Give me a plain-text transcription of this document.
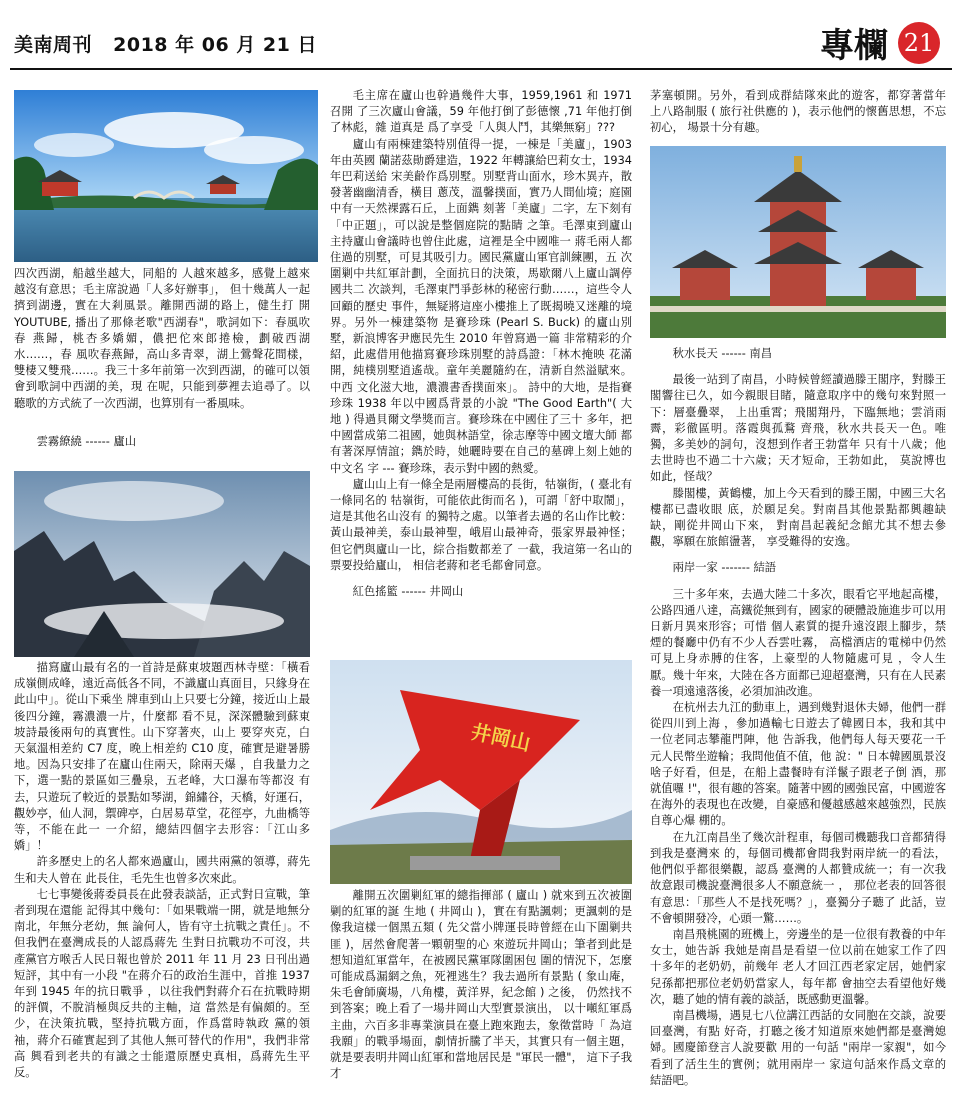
美南周刊 2018 年 06 月 21 日	專欄 21

四次西湖，船越坐越大，同船的 人越來越多，感覺上越來越沒有意思；毛主席說過「人多好辦事」， 但十幾萬人一起擠到湖邊，實在大剎風景。離開西湖的路上，健生打 開 YOUTUBE, 播出了那條老歌"西湖春"，歌詞如下：春風吹春 燕歸，桃杏多嬌媚，儂把佗來郎捲檢，劃破西湖水……，春 風吹春燕歸，高山多青翠，湖上鶯聲花間樣，雙棲又雙飛……。我三十多年前第一次到西湖，的確可以領會到歌詞中西湖的美，現 在呢，只能到夢裡去追尋了。以聽歌的方式統了一次西湖，也算別有一番風味。

雲霧繚繞 ------ 廬山

描寫廬山最有名的一首詩是蘇東坡題西林寺壁：「橫看成嶺側成峰，遠近高低各不同，不識廬山真面目，只緣身在此山中」。從山下乘坐 牌車到山上只要七分鐘，接近山上最後四分鐘，霧濃濃一片，什麼都 看不見，深深體驗到蘇東坡詩最後兩句的真實性。山下穿著夾，山上 要穿夾克，白天氣溫相差約 C7 度，晚上相差約 C10 度，確實是避暑勝地。因為只安排了在廬山住兩天，除兩天爆 ，自我量力之下，選一點的景區如三疊泉，五老峰，大口瀑布等都沒 有去，只遊玩了較近的景點如琴湖，錦繡谷，天橋，好運石，觀妙亭，仙人洞，禦碑亭，白居易草堂，花徑亭，九曲橋等等，不能在此一 一介紹，總結四個字去形容：「江山多嬌」！

許多歷史上的名人都來過廬山，國共兩黨的領導，蔣先生和夫人曾在 此長住，毛先生也曾多次來此。

七七事變後蔣委員長在此發表談話，正式對日宣戰，筆者到現在還能 記得其中幾句：「如果戰端一開，就是地無分南北，年無分老幼，無 論何人，皆有守土抗戰之責任」。不但我們在臺灣成長的人認爲蔣先 生對日抗戰功不可沒，共產黨官方喉舌人民日報也曾於 2011 年 11 月 23 日刊出過短評，其中有一小段 "在蔣介石的政治生涯中，首推 1937 年到 1945 年的抗日戰爭 ，以往我們對蔣介石在抗戰時期的評價，不脫消極與反共的主軸，這 當然是有偏頗的。至少，在決策抗戰，堅持抗戰方面，作爲當時執政 黨的領袖，蔣介石確實起到了其他人無可替代的作用"，我們非常高 興看到老共的有識之士能還原歷史真相，爲蔣先生平反。

毛主席在廬山也幹過幾件大事，1959,1961 和 1971 召開 了三次廬山會議，59 年他打倒了彭德懷 ,71 年他打倒了林彪，雜 道真是 爲了享受「人與人鬥，其樂無窮」???

廬山有兩棟建築特別值得一提，一棟是「美廬」，1903 年由英國 蘭諾茲勛爵建造，1922 年轉讓給巴莉女士，1934 年巴莉送給 宋美齡作爲別墅。別墅背山面水，珍木異卉，散發著幽幽清香，橫目 蔥茂，溫馨撲面，實乃人間仙境；庭園中有一天然裸露石丘，上面鐫 刻著「美廬」二字，左下刻有「中正題」，可以說是整個庭院的點睛 之筆。毛澤東到廬山主持廬山會議時也曾住此處，這裡是全中國唯一 蔣毛兩人都住過的別墅，可見其吸引力。國民黨廬山軍官訓練團，五 次圍剿中共紅軍計劃，全面抗日的決策，馬歇爾八上廬山調停國共二 次談判，毛澤東鬥爭彭林的秘密行動……，這些令人回顧的歷史 事件，無疑將這座小樓推上了既揭曉又迷離的境界。另外一棟建築物 是賽珍珠 (Pearl S. Buck) 的廬山別墅，新浪博客尹應民先生 2010 年曾寫過一篇 非常精彩的介紹，此處借用他描寫賽珍珠別墅的詩爲證：「林木掩映 花滿開，純樸別墅逍遙哉。童年美麗隨約在，清新自然溢賦來。中西 文化滋大地，濃濃書香撲面來」。 詩中的大地，是指賽珍珠 1938 年以中國爲背景的小說 "The Good Earth"( 大地 ) 得過貝爾文學獎而言。賽珍珠在中國住了三十 多年，把中國當成第二祖國，她與林語堂，徐志摩等中國文壇大師 都有著深厚情誼；鐫於時，她曬時要在自己的墓碑上刻上她的中文名 字 --- 賽珍珠，表示對中國的熱愛。

廬山山上有一條全是兩層樓高的長街，牯嶺街，( 臺北有一條同名的 牯嶺街，可能依此街而名 )，可謂「舒中取鬧」，這是其他名山沒有 的獨特之處。以筆者去過的名山作比較：黃山最神美，泰山最神聖，峨眉山最神奇，張家界最神怪；但它們與廬山一比，綜合指數都差了 一截，我這第一名山的票要投給廬山， 相信老蔣和老毛都會同意。

紅色搖籃 ------ 井岡山

井岡山

離開五次圍剿紅軍的總指揮部 ( 廬山 ) 就來到五次被圍剿的紅軍的誕 生地 ( 井岡山 )，實在有點諷刺；更諷刺的是像我這樣一個黑五類 ( 先父當小牌運長時曾經在山下圍剿共匪 )，居然會爬著一顆朝聖的心 來遊玩井岡山；筆者到此是想知道紅軍當年，在被國民黨軍隊圍困包 圍的情況下，怎麼可能成爲漏網之魚，死裡逃生？我去過所有景點 ( 象山庵，朱毛會師廣場，八角樓，黃洋界，紀念館 ) 之後， 仍然找不到答案；晚上看了一場井岡山大型實景演出， 以十噸紅軍爲主曲，六百多非專業演員在臺上跑來跑去，象徵當時「 為這我願」的戰爭場面，劇情折騰了半天，其實只有一個主題， 就是要表明井岡山紅軍和當地居民是 "軍民一體"， 這下子我才

茅塞頓開。另外，看到成群結隊來此的遊客，都穿著當年 上八路制服 ( 旅行社供應的 )，表示他們的懷舊思想，不忘初心， 場景十分有趣。

秋水長天 ------ 南昌

最後一站到了南昌，小時候曾經讀過滕王閣序，對滕王閣響往已久，如今親眼目睹，隨意取序中的幾句來對照一下：層臺疊翠， 上出重霄；飛閣翔丹，下臨無地；雲消雨霽，彩徹區明。落霞與孤鶩 齊飛，秋水共長天一色。唯獨，多美妙的詞句，沒想到作者王勃當年 只有十八歲；他去世時也不過二十六歲；天才短命，王勃如此， 莫說博也如此，怪哉？

滕閣樓，黃鶴樓，加上今天看到的滕王閣，中國三大名樓都已盡收眼 底，於願足矣。對南昌其他景點都興趣缺缺，剛從井岡山下來， 對南昌起義紀念館尤其不想去參觀，寧願在旅館盪著， 享受難得的安逸。

兩岸一家 ------- 結語

三十多年來，去過大陸二十多次，眼看它平地起高樓，公路四通八達，高鐵從無到有，國家的硬體設施進步可以用日新月異來形容；可惜 個人素質的提升遠沒跟上腳步，禁煙的餐廳中仍有不少人吞雲吐霧， 高檔酒店的電梯中仍然可見上身赤膊的住客，上豪型的人物隨處可見 ，令人生厭。幾十年來，大陸在各方面都已迎超臺灣，只有在人民素 養一項遠遠落後，必須加油改進。

在杭州去九江的動車上，遇到幾對退休夫婦，他們一群從四川到上海 ，參加過輸七日遊去了韓國日本，我和其中一位老同志攀龍門陣，他 告訴我，他們每人每天要花一千元人民幣坐遊輪；我問他值不值，他 說：" 日本韓國風景沒啥子好看，但是，在船上盡餐時有洋鬣子跟老子倒 酒，那就值囉 !"，很有趣的答案。隨著中國的國強民富，中國遊客 在海外的表現也在改變，自豪感和優越感越來越強烈，民族自尊心爆 棚的。

在九江南昌坐了幾次計程車，每個司機聽我口音都猜得到我是臺灣來 的，每個司機都會問我對兩岸統一的看法，他們似乎都很樂觀，認爲 臺灣的人都贊成統一；有一次我故意跟司機說臺灣很多人不願意統一 ， 那位老表的回答很有意思：「那些人不是找死嗎？」，臺獨分子聽了 此話，豈不會頓開發冷，心頭一驚……。

南昌飛桃園的班機上，旁邊坐的是一位很有教養的中年女士，她告訴 我她是南昌是看望一位以前在她家工作了四十多年的老奶奶，前幾年 老人才回江西老家定居，她們家兒孫都把那位老奶奶當家人，每年都 會抽空去看望他好幾次，聽了她的情有義的談話，既感動更溫馨。

南昌機場，遇見七八位講江西話的女同胞在交談，說要回臺灣，有點 好奇，打聽之後才知道原來她們都是臺灣媳婦。國慶節登言人說要歡 用的一句話 "兩岸一家親"，如今看到了活生生的實例；就用兩岸一 家這句話來作爲文章的結語吧。
